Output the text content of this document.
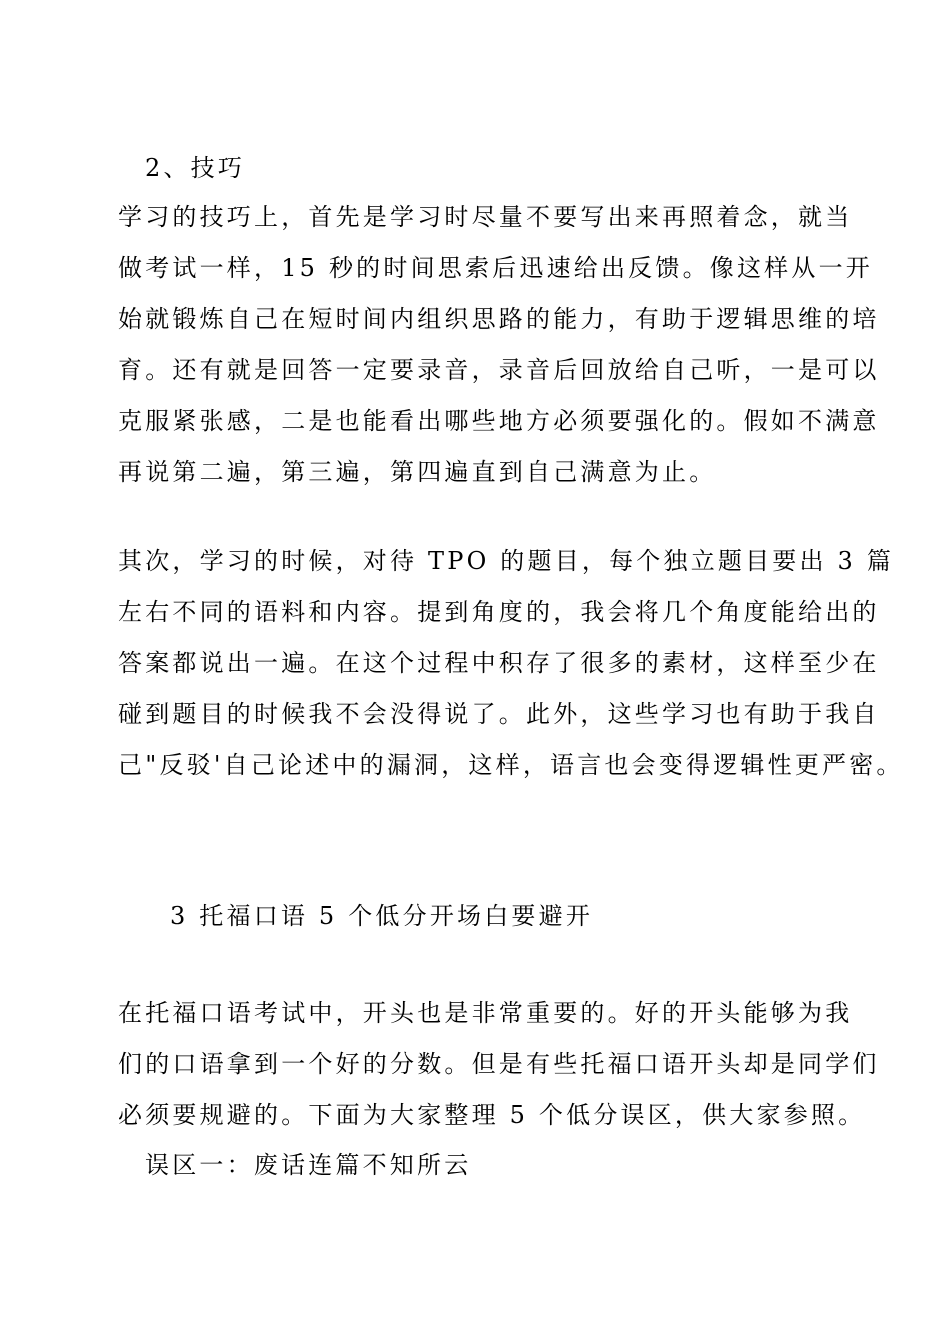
2、技巧
学习的技巧上，首先是学习时尽量不要写出来再照着念，就当
做考试一样，15 秒的时间思索后迅速给出反馈。像这样从一开
始就锻炼自己在短时间内组织思路的能力，有助于逻辑思维的培
育。还有就是回答一定要录音，录音后回放给自己听，一是可以
克服紧张感，二是也能看出哪些地方必须要强化的。假如不满意
再说第二遍，第三遍，第四遍直到自己满意为止。
其次，学习的时候，对待 TPO 的题目，每个独立题目要出 3 篇
左右不同的语料和内容。提到角度的，我会将几个角度能给出的
答案都说出一遍。在这个过程中积存了很多的素材，这样至少在
碰到题目的时候我不会没得说了。此外，这些学习也有助于我自
己"反驳'自己论述中的漏洞，这样，语言也会变得逻辑性更严密。
3 托福口语 5 个低分开场白要避开
在托福口语考试中，开头也是非常重要的。好的开头能够为我
们的口语拿到一个好的分数。但是有些托福口语开头却是同学们
必须要规避的。下面为大家整理 5 个低分误区，供大家参照。
误区一：废话连篇不知所云
